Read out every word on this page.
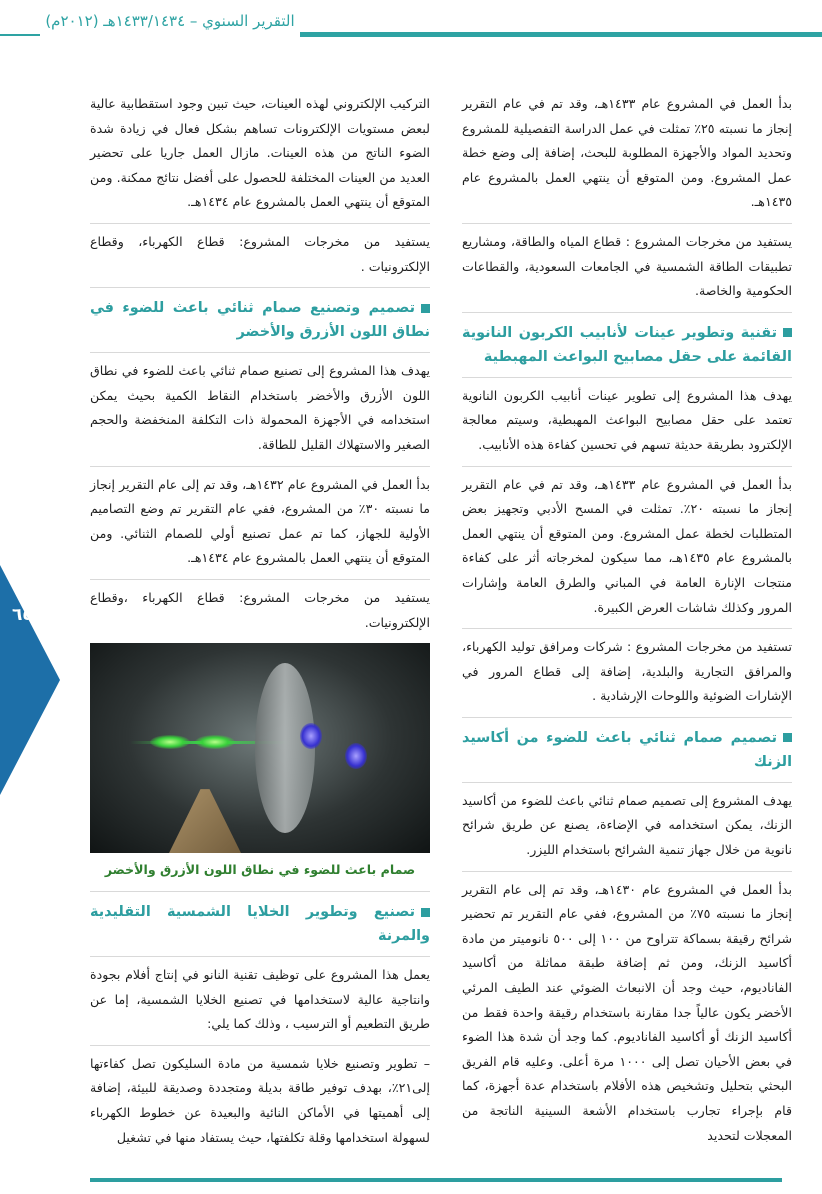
التقرير السنوي – ١٤٣٣/١٤٣٤هـ (٢٠١٢م)

بدأ العمل في المشروع عام ١٤٣٣هـ، وقد تم في عام التقرير إنجاز ما نسبته ٢٥٪ تمثلت في عمل الدراسة التفصيلية للمشروع وتحديد المواد والأجهزة المطلوبة للبحث، إضافة إلى وضع خطة عمل المشروع. ومن المتوقع أن ينتهي العمل بالمشروع عام ١٤٣٥هـ.

يستفيد من مخرجات المشروع : قطاع المياه والطاقة، ومشاريع تطبيقات الطاقة الشمسية في الجامعات السعودية، والقطاعات الحكومية والخاصة.

تقنية وتطوير عينات لأنابيب الكربون النانوية القائمة على حقل مصابيح البواعث المهبطية

يهدف هذا المشروع إلى تطوير عينات أنابيب الكربون النانوية تعتمد على حقل مصابيح البواعث المهبطية، وسيتم معالجة الإلكترود بطريقة حديثة تسهم في تحسين كفاءة هذه الأنابيب.

بدأ العمل في المشروع عام ١٤٣٣هـ، وقد تم في عام التقرير إنجاز ما نسبته ٢٠٪. تمثلت في المسح الأدبي وتجهيز بعض المتطلبات لخطة عمل المشروع. ومن المتوقع أن ينتهي العمل بالمشروع عام ١٤٣٥هـ، مما سيكون لمخرجاته أثر على كفاءة منتجات الإنارة العامة في المباني والطرق العامة وإشارات المرور وكذلك شاشات العرض الكبيرة.

تستفيد من مخرجات المشروع : شركات ومرافق توليد الكهرباء، والمرافق التجارية والبلدية، إضافة إلى قطاع المرور في الإشارات الضوئية واللوحات الإرشادية .

تصميم صمام ثنائي باعث للضوء من أكاسيد الزنك

يهدف المشروع إلى تصميم صمام ثنائي باعث للضوء من أكاسيد الزنك، يمكن استخدامه في الإضاءة، يصنع عن طريق شرائح نانوية من خلال جهاز تنمية الشرائح باستخدام الليزر.

بدأ العمل في المشروع عام ١٤٣٠هـ، وقد تم إلى عام التقرير إنجاز ما نسبته ٧٥٪ من المشروع، ففي عام التقرير تم تحضير شرائح رقيقة بسماكة تتراوح من ١٠٠ إلى ٥٠٠ نانوميتر من مادة أكاسيد الزنك، ومن ثم إضافة طبقة مماثلة من أكاسيد الفاناديوم، حيث وجد أن الانبعاث الضوئي عند الطيف المرئي الأخضر يكون عالياً جدا مقارنة باستخدام رقيقة واحدة فقط من أكاسيد الزنك أو أكاسيد الفاناديوم. كما وجد أن شدة هذا الضوء في بعض الأحيان تصل إلى ١٠٠٠ مرة أعلى. وعليه قام الفريق البحثي بتحليل وتشخيص هذه الأفلام باستخدام عدة أجهزة، كما قام بإجراء تجارب باستخدام الأشعة السينية الناتجة من المعجلات لتحديد

التركيب الإلكتروني لهذه العينات، حيث تبين وجود استقطابية عالية لبعض مستويات الإلكترونات تساهم بشكل فعال في زيادة شدة الضوء الناتج من هذه العينات. مازال العمل جاريا على تحضير العديد من العينات المختلفة للحصول على أفضل نتائج ممكنة. ومن المتوقع أن ينتهي العمل بالمشروع عام ١٤٣٤هـ.

يستفيد من مخرجات المشروع: قطاع الكهرباء، وقطاع الإلكترونيات .

تصميم وتصنيع صمام ثنائي باعث للضوء في نطاق اللون الأزرق والأخضر

يهدف هذا المشروع إلى تصنيع صمام ثنائي باعث للضوء في نطاق اللون الأزرق والأخضر باستخدام النقاط الكمية بحيث يمكن استخدامه في الأجهزة المحمولة ذات التكلفة المنخفضة والحجم الصغير والاستهلاك القليل للطاقة.

بدأ العمل في المشروع عام ١٤٣٢هـ، وقد تم إلى عام التقرير إنجاز ما نسبته ٣٠٪ من المشروع، ففي عام التقرير تم وضع التصاميم الأولية للجهاز، كما تم عمل تصنيع أولي للصمام الثنائي. ومن المتوقع أن ينتهي العمل بالمشروع عام ١٤٣٤هـ.

يستفيد من مخرجات المشروع: قطاع الكهرباء ،وقطاع الإلكترونيات.

صمام باعث للضوء في نطاق اللون الأزرق والأخضر
تصنيع وتطوير الخلايا الشمسية التقليدية والمرنة

يعمل هذا المشروع على توظيف تقنية النانو في إنتاج أفلام بجودة وانتاجية عالية لاستخدامها في تصنيع الخلايا الشمسية، إما عن طريق التطعيم أو الترسيب ، وذلك كما يلي:

– تطوير وتصنيع خلايا شمسية من مادة السليكون تصل كفاءتها إلى٢١٪، بهدف توفير طاقة بديلة ومتجددة وصديقة للبيئة، إضافة إلى أهميتها في الأماكن النائية والبعيدة عن خطوط الكهرباء لسهولة استخدامها وقلة تكلفتها، حيث يستفاد منها في تشغيل

٦٥
